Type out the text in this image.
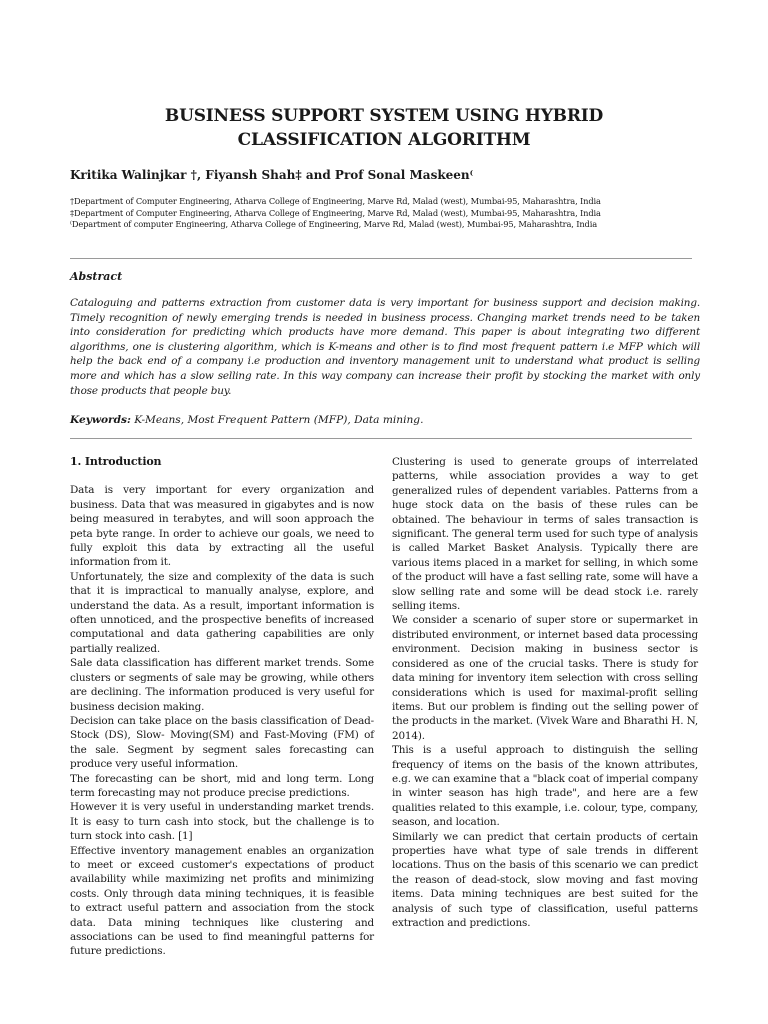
BUSINESS SUPPORT SYSTEM USING HYBRID CLASSIFICATION ALGORITHM
Kritika Walinjkar †, Fiyansh Shah‡ and Prof Sonal Maskeen⁽
†Department of Computer Engineering, Atharva College of Engineering, Marve Rd, Malad (west), Mumbai-95, Maharashtra, India
‡Department of Computer Engineering, Atharva College of Engineering, Marve Rd, Malad (west), Mumbai-95, Maharashtra, India
⁽Department of computer Engineering, Atharva College of Engineering, Marve Rd, Malad (west), Mumbai-95, Maharashtra, India
Abstract
Cataloguing and patterns extraction from customer data is very important for business support and decision making. Timely recognition of newly emerging trends is needed in business process. Changing market trends need to be taken into consideration for predicting which products have more demand. This paper is about integrating two different algorithms, one is clustering algorithm, which is K-means and other is to find most frequent pattern i.e MFP which will help the back end of a company i.e production and inventory management unit to understand what product is selling more and which has a slow selling rate. In this way company can increase their profit by stocking the market with only those products that people buy.
Keywords: K-Means, Most Frequent Pattern (MFP), Data mining.
1. Introduction

Data is very important for every organization and business. Data that was measured in gigabytes and is now being measured in terabytes, and will soon approach the peta byte range. In order to achieve our goals, we need to fully exploit this data by extracting all the useful information from it.

Unfortunately, the size and complexity of the data is such that it is impractical to manually analyse, explore, and understand the data. As a result, important information is often unnoticed, and the prospective benefits of increased computational and data gathering capabilities are only partially realized.

Sale data classification has different market trends. Some clusters or segments of sale may be growing, while others are declining. The information produced is very useful for business decision making.

Decision can take place on the basis classification of Dead-Stock (DS), Slow- Moving(SM) and Fast-Moving (FM) of the sale. Segment by segment sales forecasting can produce very useful information.

The forecasting can be short, mid and long term. Long term forecasting may not produce precise predictions.

However it is very useful in understanding market trends. It is easy to turn cash into stock, but the challenge is to turn stock into cash. [1]

Effective inventory management enables an organization to meet or exceed customer's expectations of product availability while maximizing net profits and minimizing costs. Only through data mining techniques, it is feasible to extract useful pattern and association from the stock data. Data mining techniques like clustering and associations can be used to find meaningful patterns for future predictions.

Clustering is used to generate groups of interrelated patterns, while association provides a way to get generalized rules of dependent variables. Patterns from a huge stock data on the basis of these rules can be obtained. The behaviour in terms of sales transaction is significant. The general term used for such type of analysis is called Market Basket Analysis. Typically there are various items placed in a market for selling, in which some of the product will have a fast selling rate, some will have a slow selling rate and some will be dead stock i.e. rarely selling items.

We consider a scenario of super store or supermarket in distributed environment, or internet based data processing environment. Decision making in business sector is considered as one of the crucial tasks. There is study for data mining for inventory item selection with cross selling considerations which is used for maximal-profit selling items. But our problem is finding out the selling power of the products in the market. (Vivek Ware and Bharathi H. N, 2014).

This is a useful approach to distinguish the selling frequency of items on the basis of the known attributes, e.g. we can examine that a "black coat of imperial company in winter season has high trade", and here are a few qualities related to this example, i.e. colour, type, company, season, and location.

Similarly we can predict that certain products of certain properties have what type of sale trends in different locations. Thus on the basis of this scenario we can predict the reason of dead-stock, slow moving and fast moving items. Data mining techniques are best suited for the analysis of such type of classification, useful patterns extraction and predictions.
